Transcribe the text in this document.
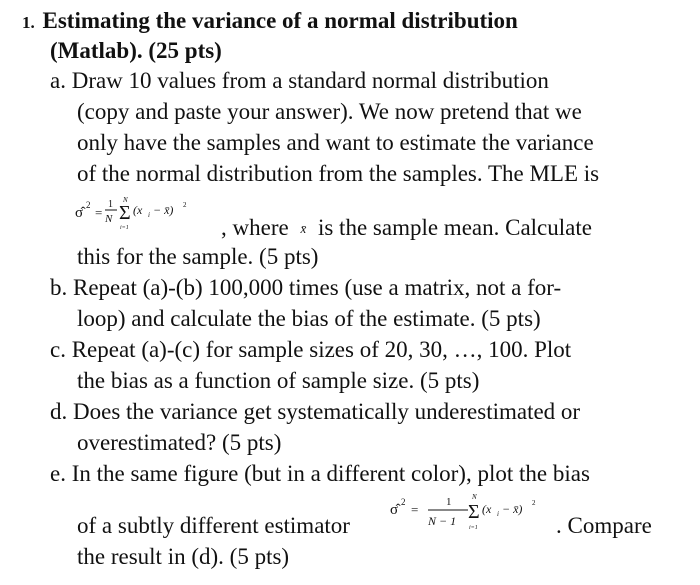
1. Estimating the variance of a normal distribution
(Matlab). (25 pts)
a. Draw 10 values from a standard normal distribution
(copy and paste your answer). We now pretend that we
only have the samples and want to estimate the variance
of the normal distribution from the samples. The MLE is
σ̂ 2 =
1
N Σ
N
i=1
(x i − x̄) 2
, where x̄ is the sample mean. Calculate
this for the sample. (5 pts)
b. Repeat (a)-(b) 100,000 times (use a matrix, not a for-
loop) and calculate the bias of the estimate. (5 pts)
c. Repeat (a)-(c) for sample sizes of 20, 30, …, 100. Plot
the bias as a function of sample size. (5 pts)
d. Does the variance get systematically underestimated or
overestimated? (5 pts)
e. In the same figure (but in a different color), plot the bias
of a subtly different estimator
σ̂ 2 =	1
N − 1 Σ
N
i=1
(x i − x̄) 2
. Compare
the result in (d). (5 pts)
